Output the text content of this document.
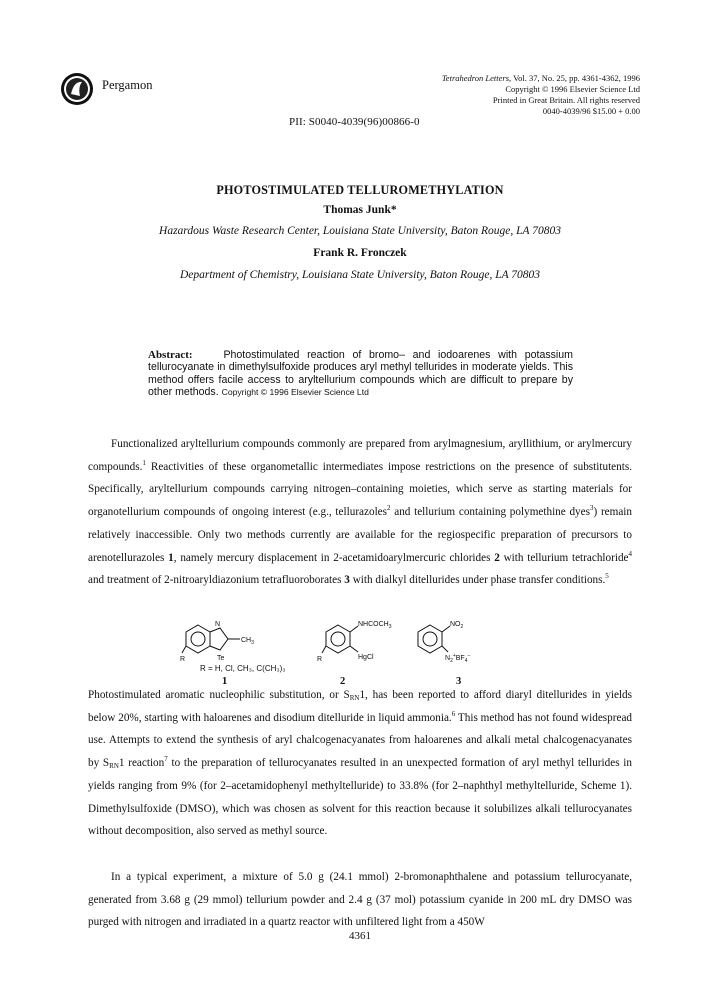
Pergamon	Tetrahedron Letters, Vol. 37, No. 25, pp. 4361-4362, 1996
Copyright © 1996 Elsevier Science Ltd
Printed in Great Britain. All rights reserved
0040-4039/96 $15.00 + 0.00
PII: S0040-4039(96)00866-0
PHOTOSTIMULATED TELLUROMETHYLATION
Thomas Junk*
Hazardous Waste Research Center, Louisiana State University, Baton Rouge, LA 70803
Frank R. Fronczek
Department of Chemistry, Louisiana State University, Baton Rouge, LA 70803
Abstract:	Photostimulated reaction of bromo– and iodoarenes with potassium tellurocyanate in dimethylsulfoxide produces aryl methyl tellurides in moderate yields. This method offers facile access to aryltellurium compounds which are difficult to prepare by other methods. Copyright © 1996 Elsevier Science Ltd

Functionalized aryltellurium compounds commonly are prepared from arylmagnesium, aryllithium, or arylmercury compounds.$^1$ Reactivities of these organometallic intermediates impose restrictions on the presence of substitutents. Specifically, aryltellurium compounds carrying nitrogen–containing moieties, which serve as starting materials for organotellurium compounds of ongoing interest (e.g., tellurazoles$^2$ and tellurium containing polymethine dyes$^3$) remain relatively inaccessible. Only two methods currently are available for the regiospecific preparation of precursors to arenotellurazoles 1, namely mercury displacement in 2-acetamidoarylmercuric chlorides 2 with tellurium tetrachloride$^4$ and treatment of 2-nitroaryldiazonium tetrafluoroborates 3 with dialkyl ditellurides under phase transfer conditions.$^5$

N
Te
$CH_3$
R
$NHCOCH_3$
HgCl
R
$NO_2$
$N_2^+BF_4^-$
R = H, Cl, CH₃, C(CH₃)₃
1	2	3

Photostimulated aromatic nucleophilic substitution, or $S_{RN}1$, has been reported to afford diaryl ditellurides in yields below 20%, starting with haloarenes and disodium ditelluride in liquid ammonia.$^6$ This method has not found widespread use. Attempts to extend the synthesis of aryl chalcogenacyanates from haloarenes and alkali metal chalcogenacyanates by $S_{RN}1$ reaction$^7$ to the preparation of tellurocyanates resulted in an unexpected formation of aryl methyl tellurides in yields ranging from 9% (for 2–acetamidophenyl methyltelluride) to 33.8% (for 2–naphthyl methyltelluride, Scheme 1). Dimethylsulfoxide (DMSO), which was chosen as solvent for this reaction because it solubilizes alkali tellurocyanates without decomposition, also served as methyl source.

In a typical experiment, a mixture of 5.0 g (24.1 mmol) 2-bromonaphthalene and potassium tellurocyanate, generated from 3.68 g (29 mmol) tellurium powder and 2.4 g (37 mol) potassium cyanide in 200 mL dry DMSO was purged with nitrogen and irradiated in a quartz reactor with unfiltered light from a 450W

4361
